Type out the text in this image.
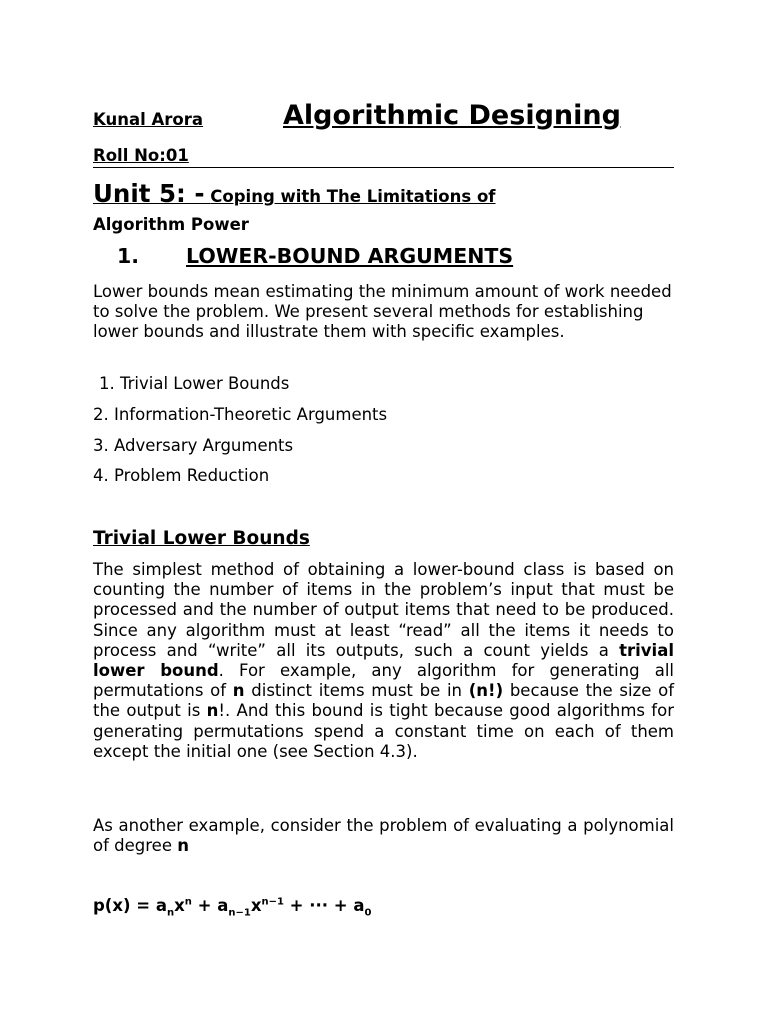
Kunal Arora	Algorithmic Designing
Roll No:01
Unit 5: - Coping with The Limitations of
Algorithm Power
1. LOWER-BOUND ARGUMENTS
Lower bounds mean estimating the minimum amount of work needed to solve the problem. We present several methods for establishing lower bounds and illustrate them with specific examples.
1. Trivial Lower Bounds
2. Information-Theoretic Arguments
3. Adversary Arguments
4. Problem Reduction
Trivial Lower Bounds
The simplest method of obtaining a lower-bound class is based on counting the number of items in the problem’s input that must be processed and the number of output items that need to be produced. Since any algorithm must at least “read” all the items it needs to process and “write” all its outputs, such a count yields a trivial lower bound. For example, any algorithm for generating all permutations of n distinct items must be in (n!) because the size of the output is n!. And this bound is tight because good algorithms for generating permutations spend a constant time on each of them except the initial one (see Section 4.3).
As another example, consider the problem of evaluating a polynomial of degree n
$p(x) = a_nx^n + a_{n-1}x^{n-1}$ + ··· + $a_0$
